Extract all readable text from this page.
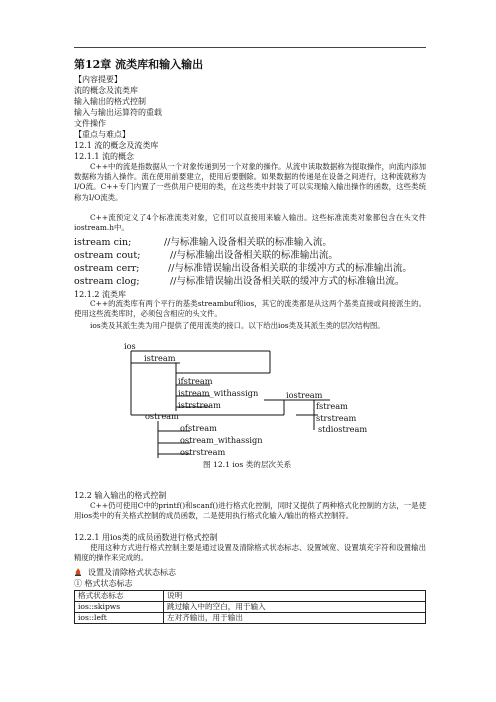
第12章 流类库和输入输出
【内容提要】
流的概念及流类库
输入输出的格式控制
输入与输出运算符的重载
文件操作
【重点与难点】
12.1 流的概念及流类库
12.1.1 流的概念
C++中的流是指数据从一个对象传递到另一个对象的操作。从流中读取数据称为提取操作，向流内添加数据称为插入操作。流在使用前要建立，使用后要删除。如果数据的传递是在设备之间进行，这种流就称为I/O流。C++专门内置了一些供用户使用的类，在这些类中封装了可以实现输入输出操作的函数，这些类统称为I/O流类。
C++流预定义了4个标准流类对象，它们可以直接用来输入输出。这些标准流类对象都包含在头文件iostream.h中。
istream cin;	//与标准输入设备相关联的标准输入流。
ostream cout;	//与标准输出设备相关联的标准输出流。
ostream cerr;	//与标准错误输出设备相关联的非缓冲方式的标准输出流。
ostream clog;	//与标准错误输出设备相关联的缓冲方式的标准输出流。
12.1.2 流类库
C++的流类库有两个平行的基类streambuf和ios，其它的流类都是从这两个基类直接或间接派生的。使用这些流类库时，必须包含相应的头文件。
ios类及其派生类为用户提供了使用流类的接口。以下给出ios类及其派生类的层次结构图。
ios
istream
ifstream
istream_withassign
istrstream
ostream
ofstream
ostream_withassign
ostrstream
iostream
fstream
strstream
stdiostream
图 12.1 ios 类的层次关系
12.2 输入输出的格式控制
C++仍可使用C中的printf()和scanf()进行格式化控制，同时又提供了两种格式化控制的方法，一是使用ios类中的有关格式控制的成员函数，二是使用执行格式化输入/输出的格式控制符。
12.2.1 用ios类的成员函数进行格式控制
使用这种方式进行格式控制主要是通过设置及清除格式状态标志、设置域宽、设置填充字符和设置输出精度的操作来完成的。
设置及清除格式状态标志
① 格式状态标志
格式状态标志	说明
ios::skipws	跳过输入中的空白，用于输入
ios::left	左对齐输出，用于输出
